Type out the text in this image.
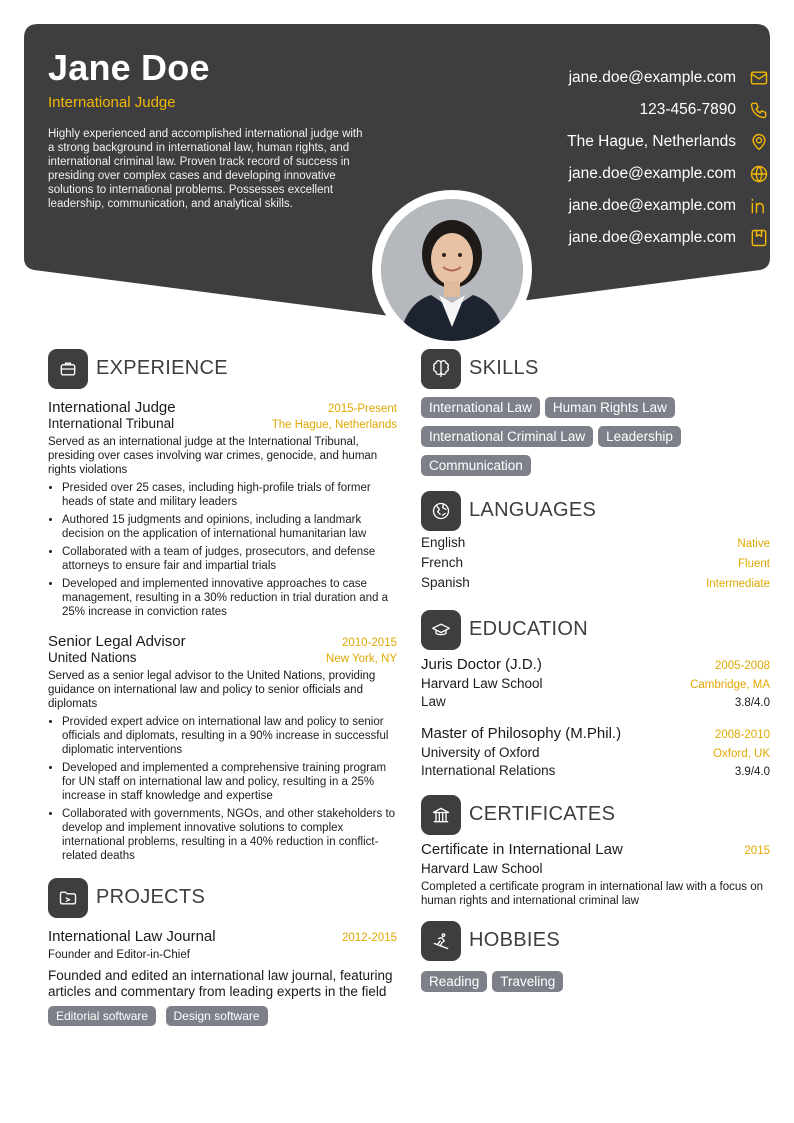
Jane Doe
International Judge
Highly experienced and accomplished international judge with a strong background in international law, human rights, and international criminal law. Proven track record of success in presiding over complex cases and developing innovative solutions to international problems. Possesses excellent leadership, communication, and analytical skills.
jane.doe@example.com
123-456-7890
The Hague, Netherlands
jane.doe@example.com
jane.doe@example.com
jane.doe@example.com
EXPERIENCE
International Judge	2015-Present
International Tribunal	The Hague, Netherlands
Served as an international judge at the International Tribunal, presiding over cases involving war crimes, genocide, and human rights violations
• Presided over 25 cases, including high-profile trials of former heads of state and military leaders
• Authored 15 judgments and opinions, including a landmark decision on the application of international humanitarian law
• Collaborated with a team of judges, prosecutors, and defense attorneys to ensure fair and impartial trials
• Developed and implemented innovative approaches to case management, resulting in a 30% reduction in trial duration and a 25% increase in conviction rates
Senior Legal Advisor	2010-2015
United Nations	New York, NY
Served as a senior legal advisor to the United Nations, providing guidance on international law and policy to senior officials and diplomats
• Provided expert advice on international law and policy to senior officials and diplomats, resulting in a 90% increase in successful diplomatic interventions
• Developed and implemented a comprehensive training program for UN staff on international law and policy, resulting in a 25% increase in staff knowledge and expertise
• Collaborated with governments, NGOs, and other stakeholders to develop and implement innovative solutions to complex international problems, resulting in a 40% reduction in conflict-related deaths
PROJECTS
International Law Journal	2012-2015
Founder and Editor-in-Chief
Founded and edited an international law journal, featuring articles and commentary from leading experts in the field
Editorial software Design software
SKILLS
International Law Human Rights Law
International Criminal Law Leadership
Communication
LANGUAGES
English	Native
French	Fluent
Spanish	Intermediate
EDUCATION
Juris Doctor (J.D.)	2005-2008
Harvard Law School	Cambridge, MA
Law	3.8/4.0
Master of Philosophy (M.Phil.)	2008-2010
University of Oxford	Oxford, UK
International Relations	3.9/4.0
CERTIFICATES
Certificate in International Law	2015
Harvard Law School
Completed a certificate program in international law with a focus on human rights and international criminal law
HOBBIES
Reading Traveling
